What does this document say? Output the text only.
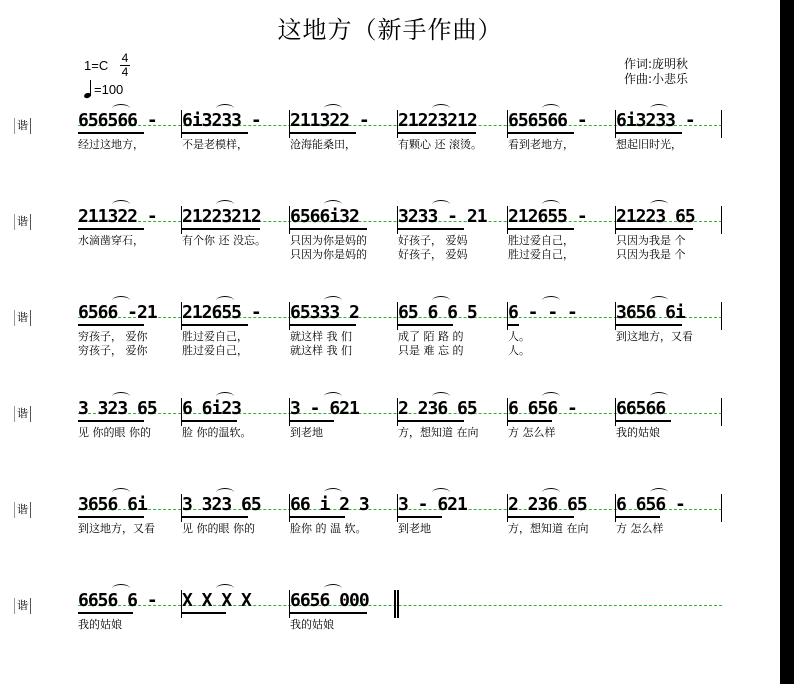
这地方（新手作曲）
$1=C \frac{4}{4}$
=100
作词:庞明秋
作曲:小悲乐
谐	656566 - 6i3233 - 211322 - 21223212 656566 - 6i3233 -
经过这地方，	不是老模样，	沧海能桑田，	有颗心 还 滚烫。 看到老地方，	想起旧时光，
谐	211322 - 21223212 6566i32 3233 - 21 212655 - 21223 65
水滴凿穿石，	有个你 还 没忘。 只因为你是妈的	好孩子， 爱妈	胜过爱自己，	只因为我是 个
只因为你是妈的	好孩子， 爱妈	胜过爱自己，	只因为我是 个
谐	6566 -21 212655 - 65333 2 65 6 6 5 6 - - - 3656 6i
穷孩子， 爱你	胜过爱自己，	就这样 我 们	成了 陌 路 的	人。	到这地方，又看
穷孩子， 爱你	胜过爱自己，	就这样 我 们	只是 难 忘 的	人。
谐	3 323 65 6 6i23	3 - 621 2 236 65 6 656 - 66566
见 你的眼 你的	脸 你的温软。	到老地	方，想知道 在向	方 怎么样	我的姑娘
谐	3656 6i 3 323 65 66 i 2 3 3 - 621 2 236 65 6 656 -
到这地方，又看 见 你的眼 你的	脸你 的 温 软。	到老地	方，想知道 在向	方 怎么样
谐	6656 6 - X X X X 6656 000
我的姑娘	我的姑娘
